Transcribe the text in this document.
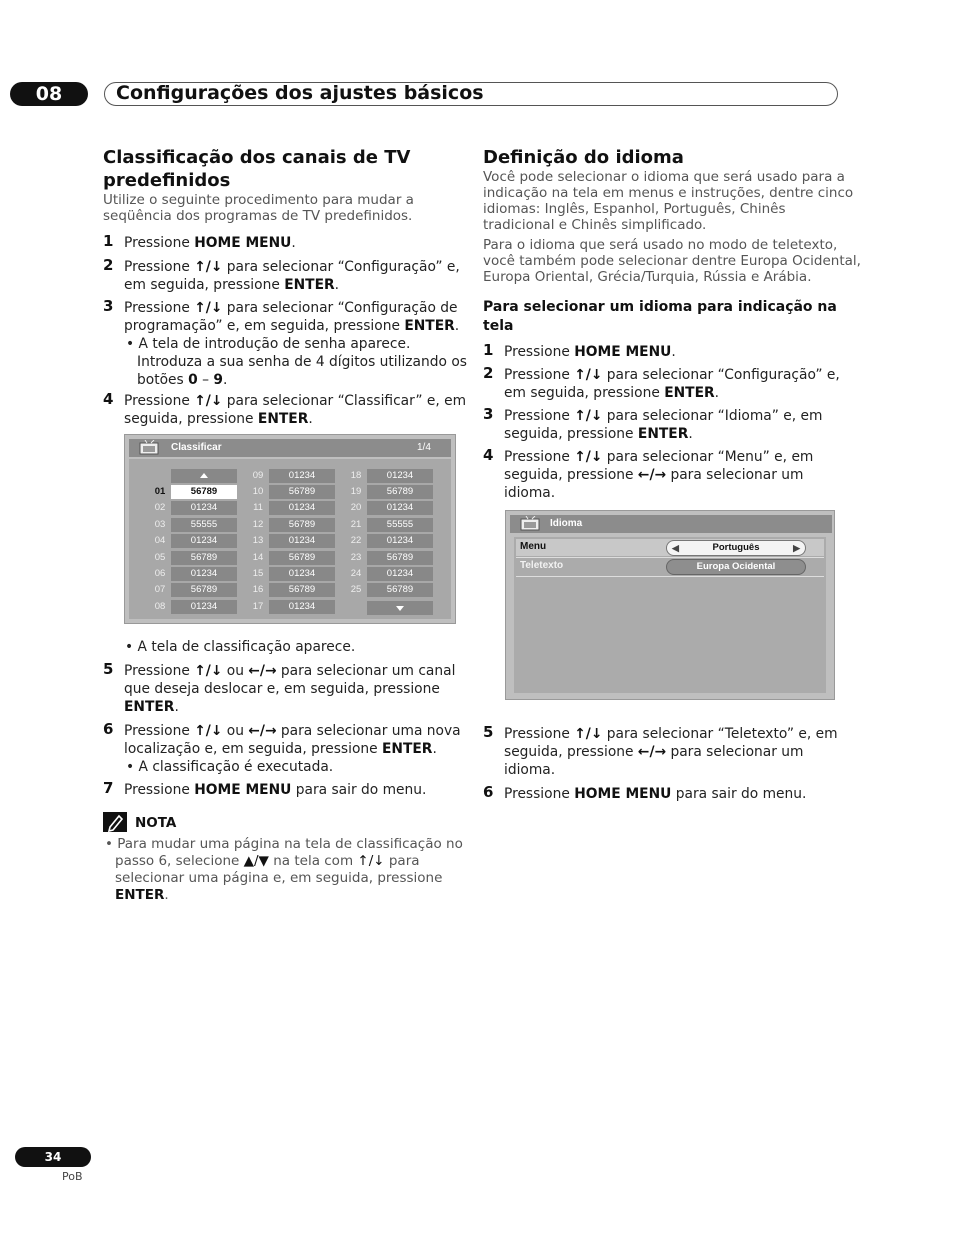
08	Configurações dos ajustes básicos
Classificação dos canais de TV
predefinidos
Utilize o seguinte procedimento para mudar a
seqüência dos programas de TV predefinidos.
1 Pressione HOME MENU.
2 Pressione ↑/↓ para selecionar “Configuração” e,
em seguida, pressione ENTER.
3 Pressione ↑/↓ para selecionar “Configuração de
programação” e, em seguida, pressione ENTER.
• A tela de introdução de senha aparece.
Introduza a sua senha de 4 dígitos utilizando os
botões 0 – 9.
4 Pressione ↑/↓ para selecionar “Classificar” e, em
seguida, pressione ENTER.
Classificar	1/4
01	56789
02	01234
03	55555
04	01234
05	56789
06	01234
07	56789
08	01234
09	01234
10	56789
11	01234
12	56789
13	01234
14	56789
15	01234
16	56789
17	01234
18	01234
19	56789
20	01234
21	55555
22	01234
23	56789
24	01234
25	56789
• A tela de classificação aparece.
5 Pressione ↑/↓ ou ←/→ para selecionar um canal
que deseja deslocar e, em seguida, pressione
ENTER.
6 Pressione ↑/↓ ou ←/→ para selecionar uma nova
localização e, em seguida, pressione ENTER.
• A classificação é executada.
7 Pressione HOME MENU para sair do menu.
NOTA
• Para mudar uma página na tela de classificação no
passo 6, selecione ▲/▼ na tela com ↑/↓ para
selecionar uma página e, em seguida, pressione
ENTER.
Definição do idioma
Você pode selecionar o idioma que será usado para a
indicação na tela em menus e instruções, dentre cinco
idiomas: Inglês, Espanhol, Português, Chinês
tradicional e Chinês simplificado.
Para o idioma que será usado no modo de teletexto,
você também pode selecionar dentre Europa Ocidental,
Europa Oriental, Grécia/Turquia, Rússia e Arábia.
Para selecionar um idioma para indicação na
tela
1 Pressione HOME MENU.
2 Pressione ↑/↓ para selecionar “Configuração” e,
em seguida, pressione ENTER.
3 Pressione ↑/↓ para selecionar “Idioma” e, em
seguida, pressione ENTER.
4 Pressione ↑/↓ para selecionar “Menu” e, em
seguida, pressione ←/→ para selecionar um
idioma.
Idioma
Menu	◀	Português	▶
Teletexto	Europa Ocidental
5 Pressione ↑/↓ para selecionar “Teletexto” e, em
seguida, pressione ←/→ para selecionar um
idioma.
6 Pressione HOME MENU para sair do menu.
34
PoB
